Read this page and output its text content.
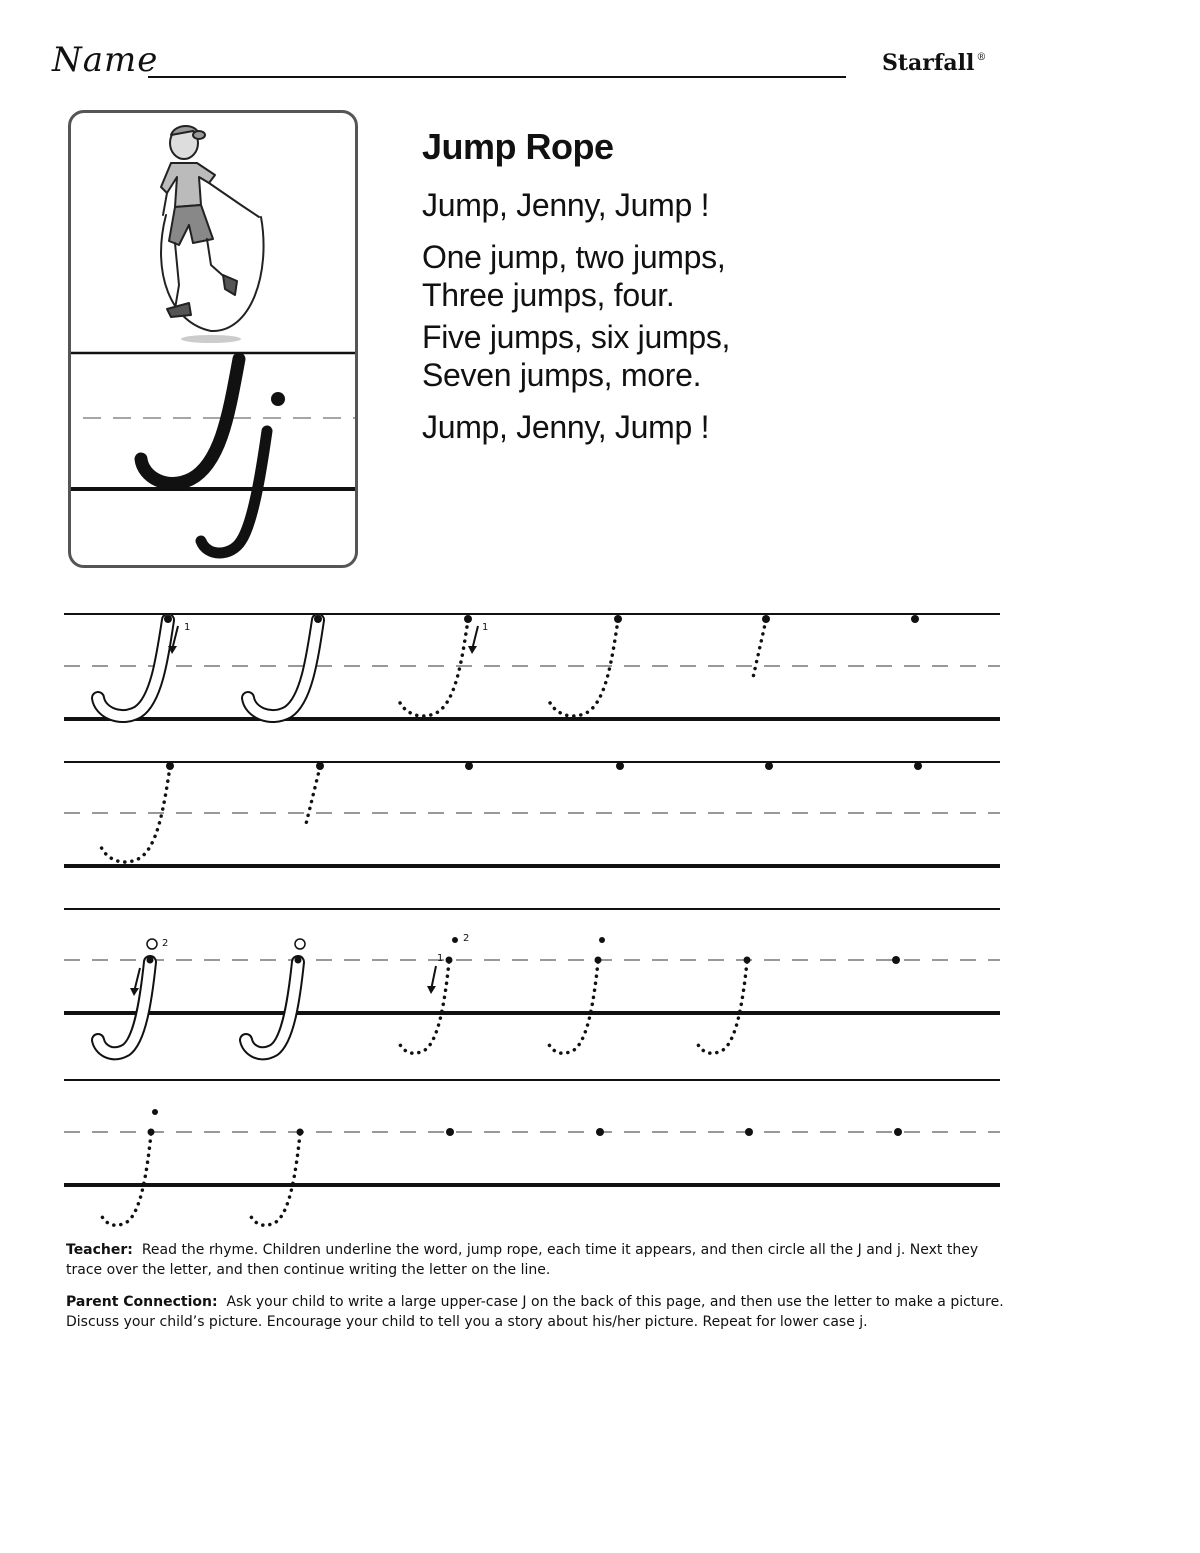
Name	Starfall ®
Jump Rope
Jump, Jenny, Jump !
One jump, two jumps,
Three jumps, four.
Five jumps, six jumps,
Seven jumps, more.
Jump, Jenny, Jump !
1	1
2
1
2

Teacher: Read the rhyme. Children underline the word, jump rope, each time it appears, and then circle all the J and j. Next they trace over the letter, and then continue writing the letter on the line.

Parent Connection: Ask your child to write a large upper-case J on the back of this page, and then use the letter to make a picture. Discuss your child’s picture. Encourage your child to tell you a story about his/her picture. Repeat for lower case j.
